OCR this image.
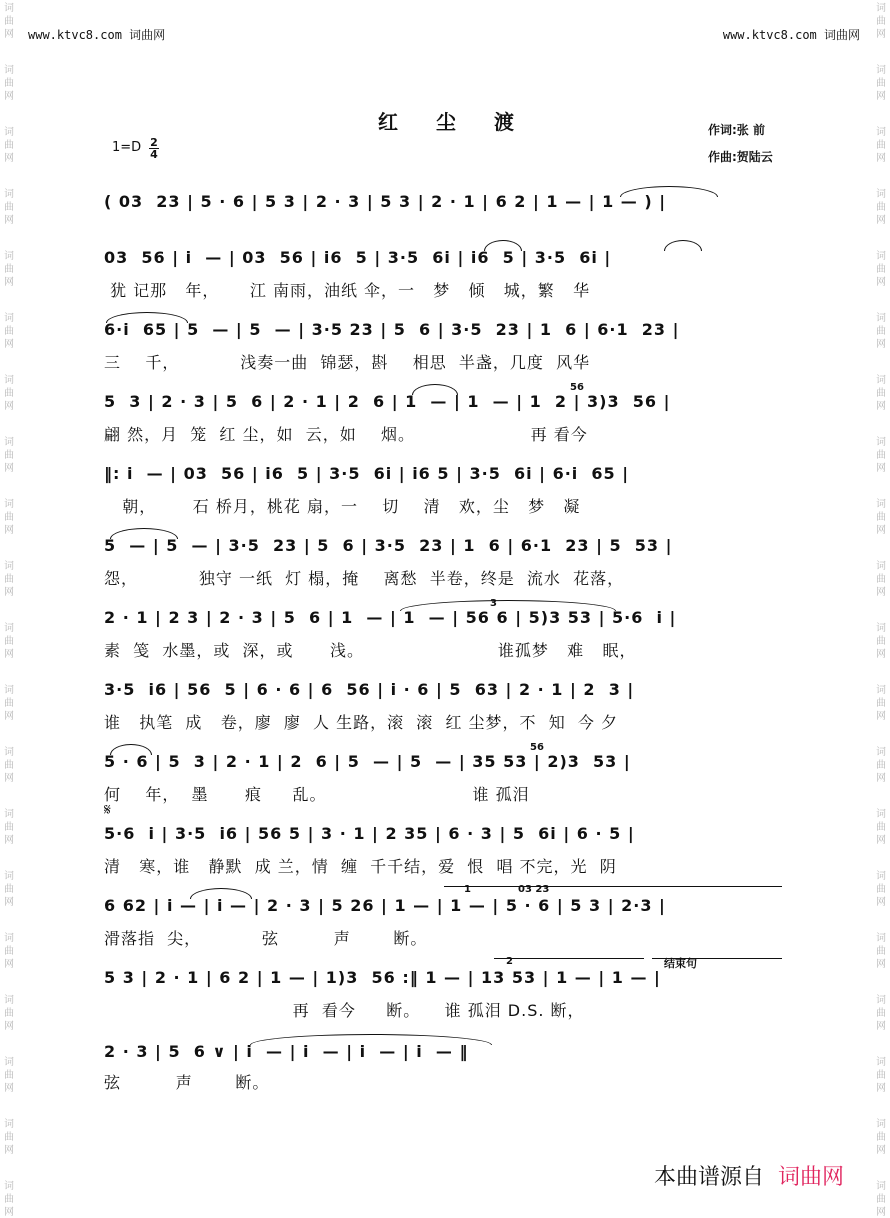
词
曲
网
词
曲
网
词
曲
网
词
曲
网
词
曲
网
词
曲
网
词
曲
网
词
曲
网
词
曲
网
词
曲
网
词
曲
网
词
曲
网
词
曲
网
词
曲
网
词
曲
网
词
曲
网
词
曲
网
词
曲
网
词
曲
网
词
曲
网
词
曲
网
词
曲
网
词
曲
网
词
曲
网
词
曲
网
词
曲
网
词
曲
网
词
曲
网
词
曲
网
词
曲
网
词
曲
网
词
曲
网
词
曲
网
词
曲
网
词
曲
网
词
曲
网
词
曲
网
词
曲
网
词
曲
网
词
曲
网
www.ktvc8.com 词曲网	www.ktvc8.com 词曲网
红尘渡	作词:张 前
作曲:贺陆云
1=D 2
4
( 03  23 | 5 · 6 | 5 3 | 2 · 3 | 5 3 | 2 · 1 | 6 2 | 1 — | 1 — ) |
03  56 | i  — | 03  56 | i6  5 | 3·5  6i | i6  5 | 3·5  6i |
犹 记那   年，     江 南雨，油纸 伞，一   梦   倾   城，繁   华
6·i  65 | 5  — | 5  — | 3·5 23 | 5  6 | 3·5  23 | 1  6 | 6·1  23 |
三    千，          浅奏一曲  锦瑟，斟    相思  半盏，几度  风华
5  3 | 2 · 3 | 5  6 | 2 · 1 | 2  6 | 1  — | 1  — | 1  2 | 3)3  56 |
翩 然，月  笼  红 尘，如  云，如    烟。                   再 看今
‖: i  — | 03  56 | i6  5 | 3·5  6i | i6 5 | 3·5  6i | 6·i  65 |
朝，      石 桥月，桃花 扇，一    切    清   欢，尘   梦   凝
5  — | 5  — | 3·5  23 | 5  6 | 3·5  23 | 1  6 | 6·1  23 | 5  53 |
怨，          独守 一纸  灯 榻，掩    离愁  半卷，终是  流水  花落，
2 · 1 | 2 3 | 2 · 3 | 5  6 | 1  — | 1  — | 56 6 | 5)3 53 | 5·6  i |
素  笺  水墨，或  深，或      浅。                      谁孤梦   难   眠，
3·5  i6 | 56  5 | 6 · 6 | 6  56 | i · 6 | 5  63 | 2 · 1 | 2  3 |
谁   执笔  成   卷，廖  廖  人 生路，滚  滚  红 尘梦，不  知  今 夕
5 · 6 | 5  3 | 2 · 1 | 2  6 | 5  — | 5  — | 35 53 | 2)3  53 |
何    年，  墨      痕     乱。                        谁 孤泪
𝄋
5·6  i | 3·5  i6 | 56 5 | 3 · 1 | 2 35 | 6 · 3 | 5  6i | 6 · 5 |
清   寒，谁   静默  成 兰，情  缠  千千结，爱  恨  唱 不完，光  阴
1	03 23
6 62 | i — | i — | 2 · 3 | 5 26 | 1 — | 1 — | 5 · 6 | 5 3 | 2·3 |
滑落指  尖，          弦         声       断。
2	结束句
5 3 | 2 · 1 | 6 2 | 1 — | 1)3  56 :‖ 1 — | 13 53 | 1 — | 1 — |
再  看今     断。    谁 孤泪 D.S. 断，
2 · 3 | 5  6 ∨ | i  — | i  — | i  — | i  — ‖
弦         声       断。
56
3
56
本曲谱源自 词曲网
